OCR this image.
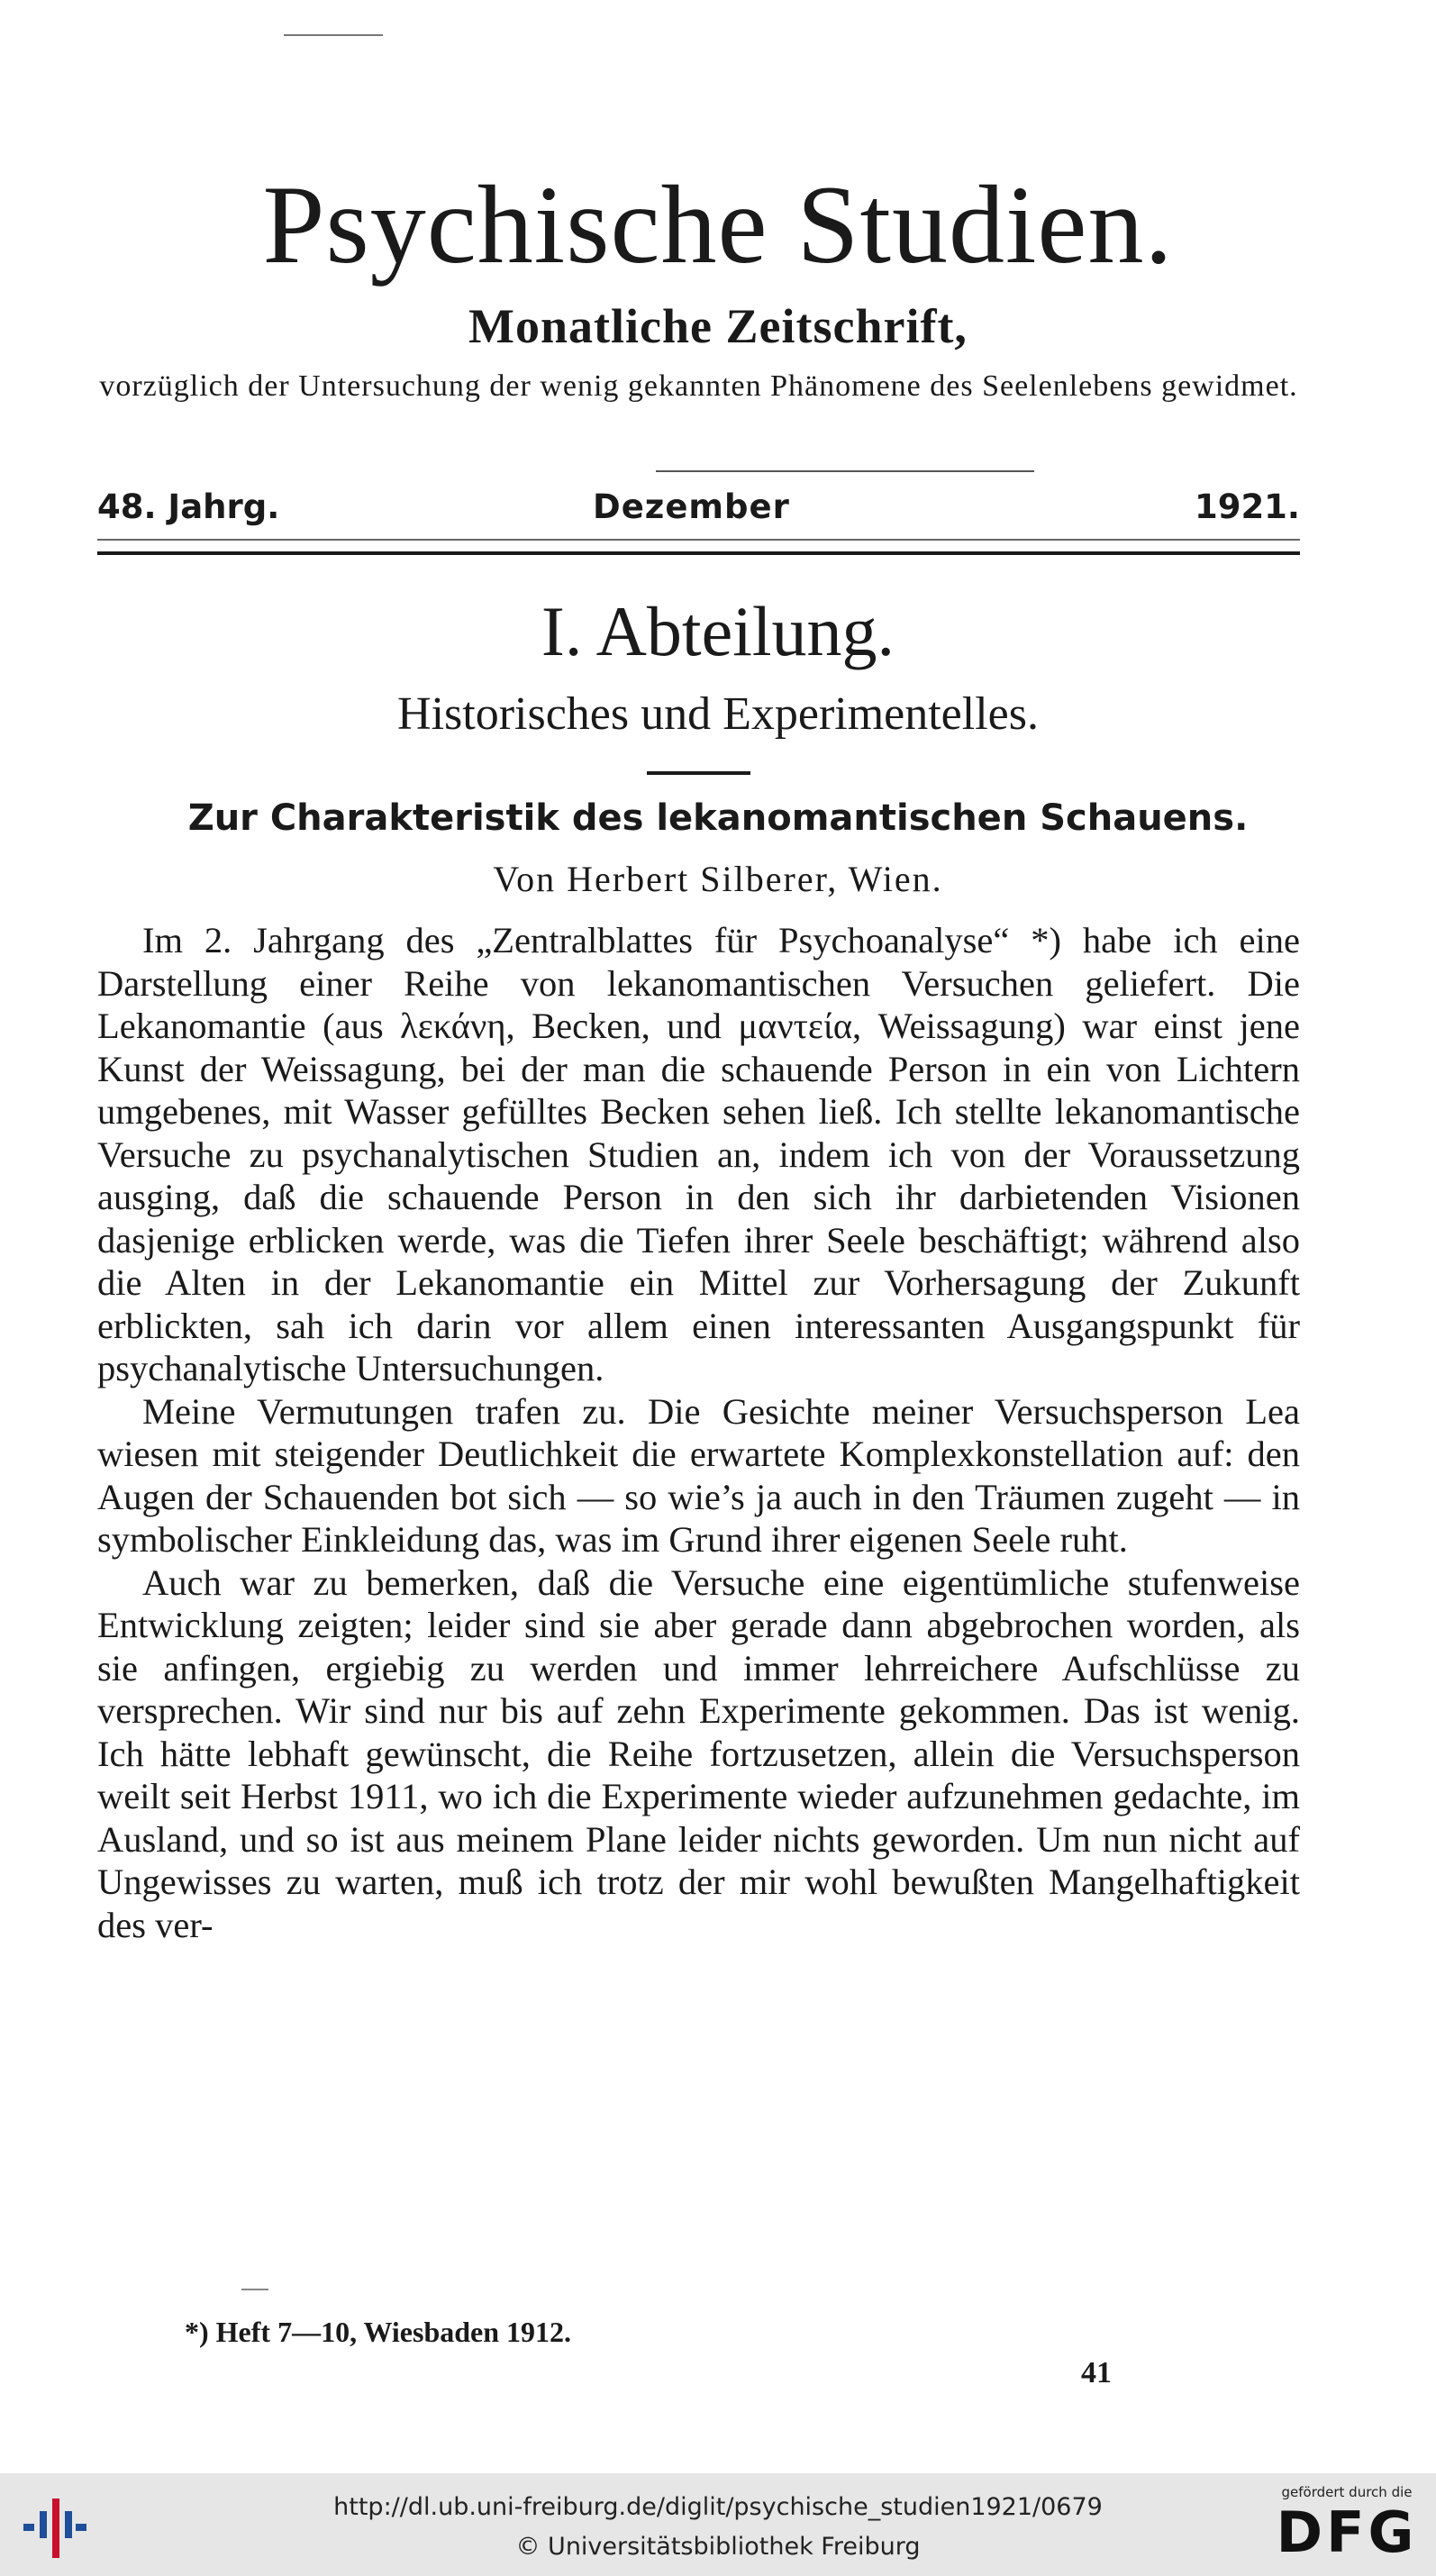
Psychische Studien.
Monatliche Zeitschrift,
vorzüglich der Untersuchung der wenig gekannten Phänomene des Seelenlebens gewidmet.
48. Jahrg.	Dezember	1921.
I. Abteilung.
Historisches und Experimentelles.
Zur Charakteristik des lekanomantischen Schauens.
Von Herbert Silberer, Wien.

Im 2. Jahrgang des „Zentralblattes für Psychoanalyse“ *) habe ich eine Darstellung einer Reihe von lekanomantischen Versuchen geliefert. Die Lekanomantie (aus λεκάνη, Becken, und μαντεία, Weissagung) war einst jene Kunst der Weissagung, bei der man die schauende Person in ein von Lichtern umgebenes, mit Wasser gefülltes Becken sehen ließ. Ich stellte lekanomantische Versuche zu psychanalytischen Studien an, indem ich von der Voraussetzung ausging, daß die schauende Person in den sich ihr darbietenden Visionen dasjenige erblicken werde, was die Tiefen ihrer Seele beschäftigt; während also die Alten in der Lekanomantie ein Mittel zur Vorhersagung der Zukunft erblickten, sah ich darin vor allem einen interessanten Ausgangspunkt für psychanalytische Untersuchungen.

Meine Vermutungen trafen zu. Die Gesichte meiner Versuchsperson Lea wiesen mit steigender Deutlichkeit die erwartete Komplexkonstellation auf: den Augen der Schauenden bot sich — so wie’s ja auch in den Träumen zugeht — in symbolischer Einkleidung das, was im Grund ihrer eigenen Seele ruht.

Auch war zu bemerken, daß die Versuche eine eigentümliche stufenweise Entwicklung zeigten; leider sind sie aber gerade dann abgebrochen worden, als sie anfingen, ergiebig zu werden und immer lehrreichere Aufschlüsse zu versprechen. Wir sind nur bis auf zehn Experimente gekommen. Das ist wenig. Ich hätte lebhaft gewünscht, die Reihe fortzusetzen, allein die Versuchsperson weilt seit Herbst 1911, wo ich die Experimente wieder aufzunehmen gedachte, im Ausland, und so ist aus meinem Plane leider nichts geworden. Um nun nicht auf Ungewisses zu warten, muß ich trotz der mir wohl bewußten Mangelhaftigkeit des ver-

*) Heft 7—10, Wiesbaden 1912.
41
http://dl.ub.uni-freiburg.de/diglit/psychische_studien1921/0679
© Universitätsbibliothek Freiburg
gefördert durch die
DFG
